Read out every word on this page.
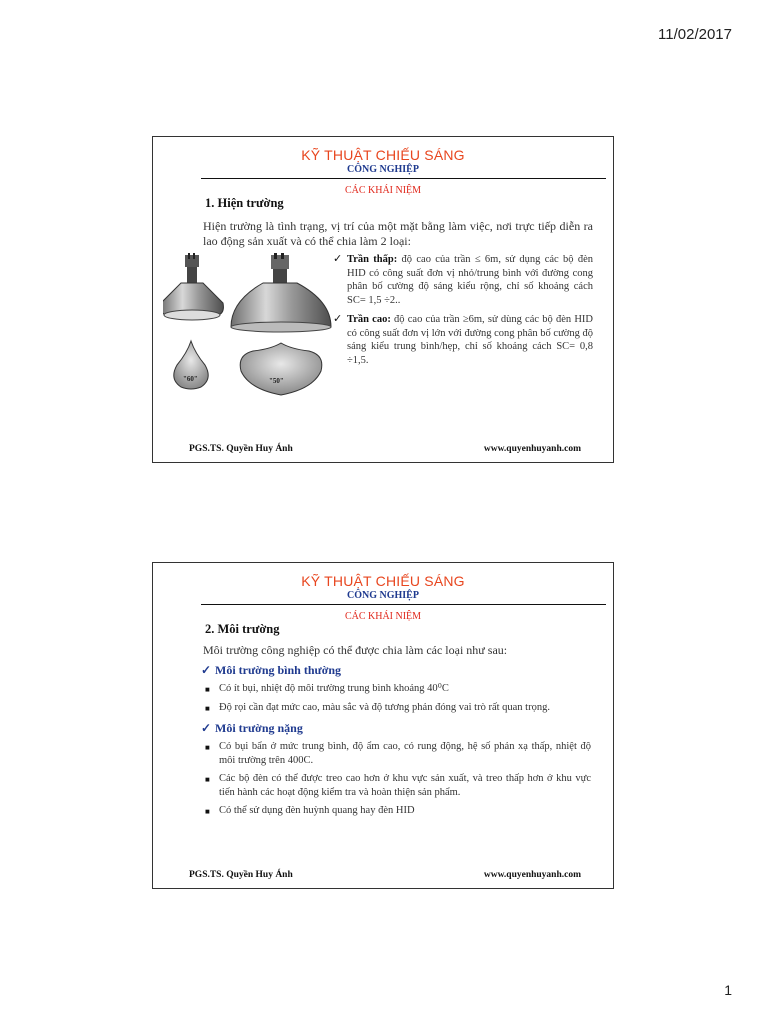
11/02/2017
KỸ THUẬT CHIẾU SÁNG
CÔNG NGHIỆP
CÁC KHÁI NIỆM
1. Hiện trường
Hiện trường là tình trạng, vị trí của một mặt bằng làm việc, nơi trực tiếp diễn ra lao động sản xuất và có thể chia làm 2 loại:
"60"	"50"
✓ Trần thấp: độ cao của trần ≤ 6m, sử dụng các bộ đèn HID có công suất đơn vị nhỏ/trung bình với đường cong phân bố cường độ sáng kiểu rộng, chỉ số khoảng cách SC= 1,5 ÷2..
✓ Trần cao: độ cao của trần ≥6m, sử dùng các bộ đèn HID có công suất đơn vị lớn với đường cong phân bố cường độ sáng kiểu trung bình/hẹp, chỉ số khoảng cách SC= 0,8 ÷1,5.
PGS.TS. Quyền Huy Ánh	www.quyenhuyanh.com
KỸ THUẬT CHIẾU SÁNG
CÔNG NGHIỆP
CÁC KHÁI NIỆM
2. Môi trường
Môi trường công nghiệp có thể được chia làm các loại như sau:
✓ Môi trường bình thường
■ Có ít bụi, nhiệt độ môi trường trung bình khoảng 40⁰C
■ Độ rọi cần đạt mức cao, màu sắc và độ tương phản đóng vai trò rất quan trọng.
✓ Môi trường nặng
■ Có bụi bẩn ở mức trung bình, độ ẩm cao, có rung động, hệ số phản xạ thấp, nhiệt độ môi trường trên 400C.
■ Các bộ đèn có thể được treo cao hơn ở khu vực sản xuất, và treo thấp hơn ở khu vực tiến hành các hoạt động kiểm tra và hoàn thiện sản phẩm.
■ Có thể sử dụng đèn huỳnh quang hay đèn HID
PGS.TS. Quyền Huy Ánh	www.quyenhuyanh.com
1
